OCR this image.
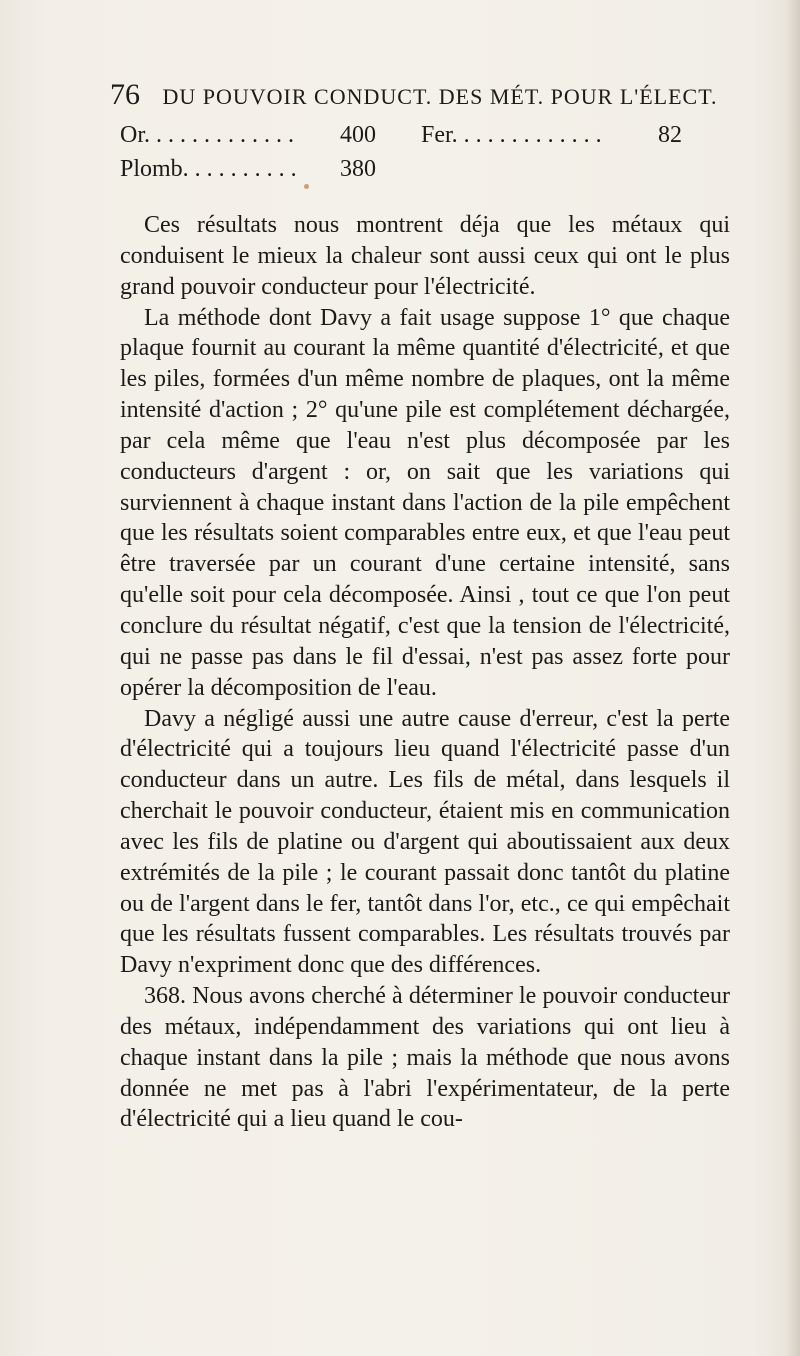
76 DU POUVOIR CONDUCT. DES MÉT. POUR L'ÉLECT.
Or. . . . . . . . . . . . . 400 Fer. . . . . . . . . . . . . 82
Plomb. . . . . . . . . . 380

Ces résultats nous montrent déja que les métaux qui conduisent le mieux la chaleur sont aussi ceux qui ont le plus grand pouvoir conducteur pour l'électricité.

La méthode dont Davy a fait usage suppose 1° que chaque plaque fournit au courant la même quantité d'électricité, et que les piles, formées d'un même nombre de plaques, ont la même intensité d'action ; 2° qu'une pile est complétement déchargée, par cela même que l'eau n'est plus décomposée par les conducteurs d'argent : or, on sait que les variations qui surviennent à chaque instant dans l'action de la pile empêchent que les résultats soient comparables entre eux, et que l'eau peut être traversée par un courant d'une certaine intensité, sans qu'elle soit pour cela décomposée. Ainsi , tout ce que l'on peut conclure du résultat négatif, c'est que la tension de l'électricité, qui ne passe pas dans le fil d'essai, n'est pas assez forte pour opérer la décomposition de l'eau.

Davy a négligé aussi une autre cause d'erreur, c'est la perte d'électricité qui a toujours lieu quand l'électricité passe d'un conducteur dans un autre. Les fils de métal, dans lesquels il cherchait le pouvoir conducteur, étaient mis en communication avec les fils de platine ou d'argent qui aboutissaient aux deux extrémités de la pile ; le courant passait donc tantôt du platine ou de l'argent dans le fer, tantôt dans l'or, etc., ce qui empêchait que les résultats fussent comparables. Les résultats trouvés par Davy n'expriment donc que des différences.

368. Nous avons cherché à déterminer le pouvoir conducteur des métaux, indépendamment des variations qui ont lieu à chaque instant dans la pile ; mais la méthode que nous avons donnée ne met pas à l'abri l'expérimentateur, de la perte d'électricité qui a lieu quand le cou-
